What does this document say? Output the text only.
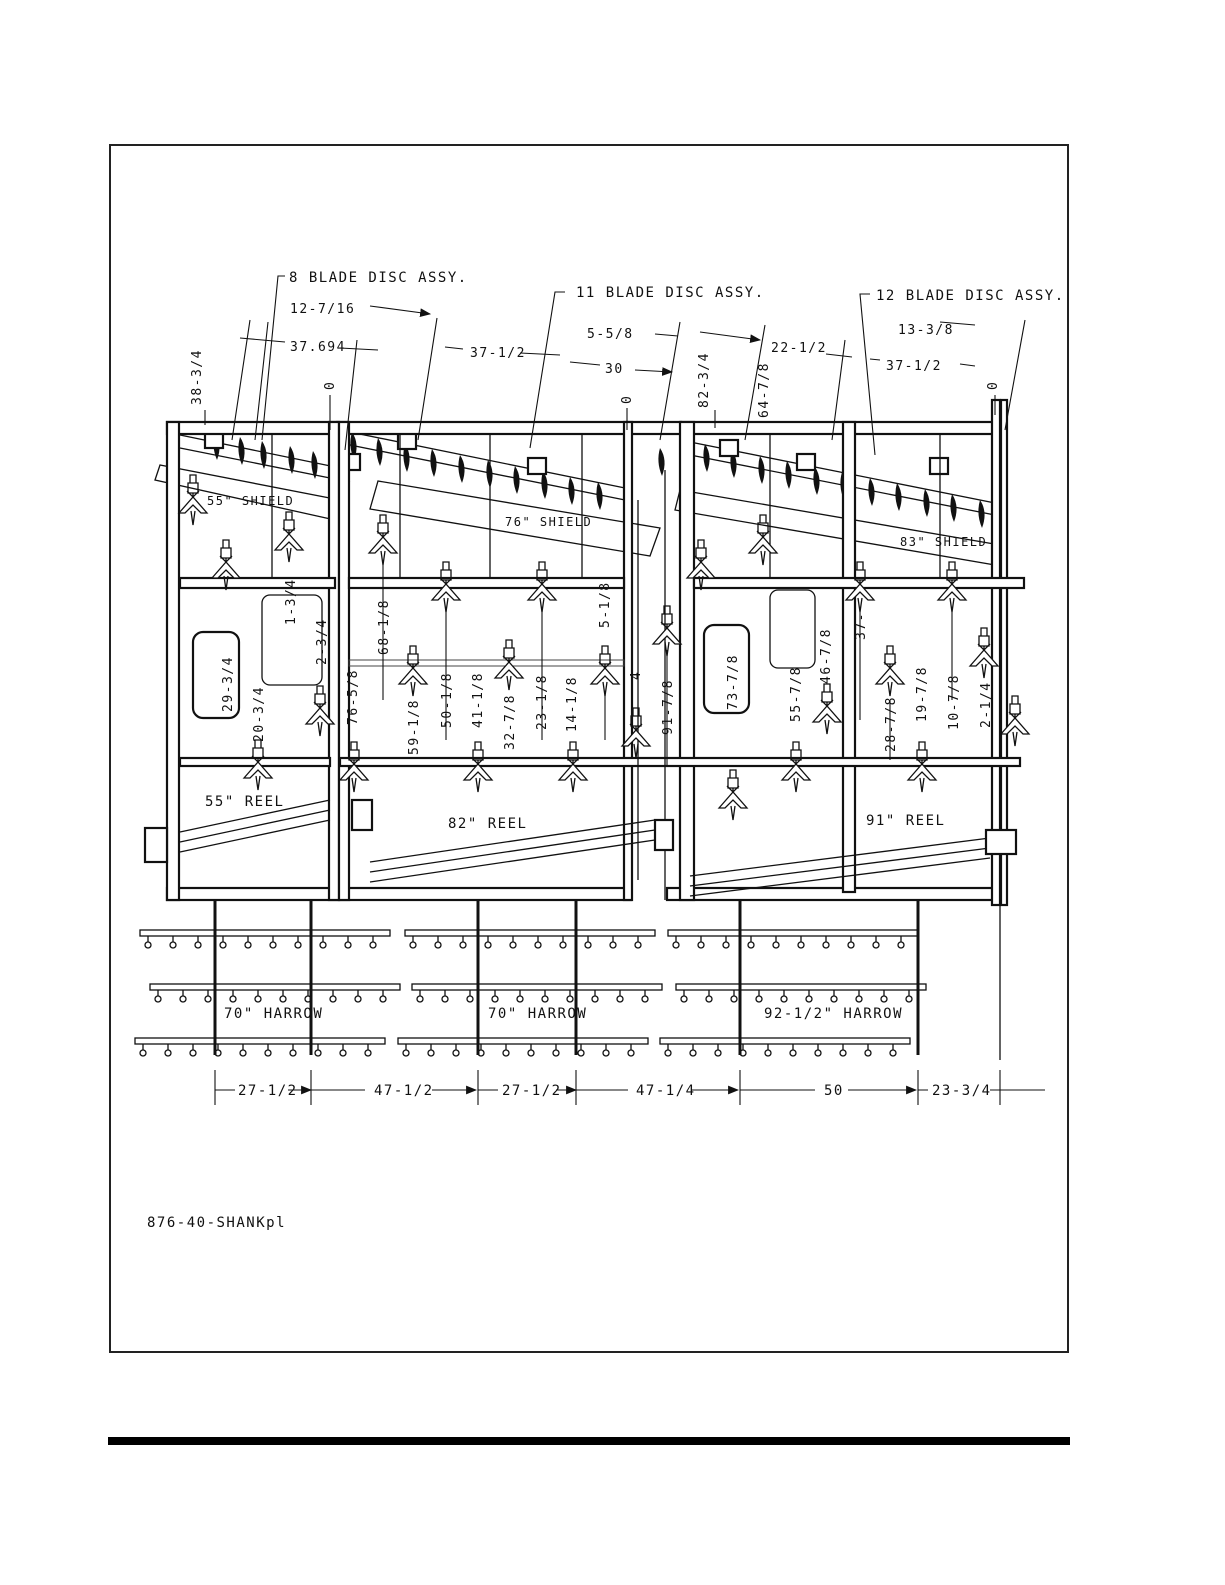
8 BLADE DISC ASSY.
11 BLADE DISC ASSY.	12 BLADE DISC ASSY.
12-7/16
37.694	37-1/2
5-5/8
30
22-1/2
13-3/8
37-1/2
38-3/4	82-3/4	64-7/8
0
0
0
55" SHIELD
76" SHIELD
83" SHIELD
55" REEL
82" REEL	91" REEL
1-3/4
2-3/4
29-3/4
20-3/4
68-1/8
76-5/8
5-1/8
59-1/8 50-1/8 41-1/8 32-7/8 23-1/8 14-1/8
4
91-7/8	73-7/8	55-7/8
46-7/8
37-
28-7/8
19-7/8 10-7/8 2-1/4
70" HARROW	70" HARROW	92-1/2" HARROW
27-1/2	47-1/2	27-1/2	47-1/4	50	23-3/4
876-40-SHANKpl
